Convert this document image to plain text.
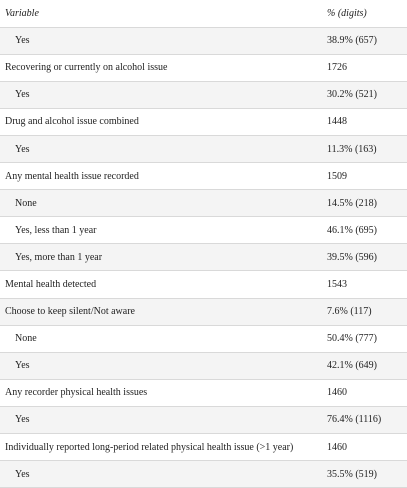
Variable	% (digits)
Yes	38.9% (657)
Recovering or currently on alcohol issue	1726
Yes	30.2% (521)
Drug and alcohol issue combined	1448
Yes	11.3% (163)
Any mental health issue recorded	1509
None	14.5% (218)
Yes, less than 1 year	46.1% (695)
Yes, more than 1 year	39.5% (596)
Mental health detected	1543
Choose to keep silent/Not aware	7.6% (117)
None	50.4% (777)
Yes	42.1% (649)
Any recorder physical health issues	1460
Yes	76.4% (1116)
Individually reported long-period related physical health issue (>1 year)	1460
Yes	35.5% (519)
